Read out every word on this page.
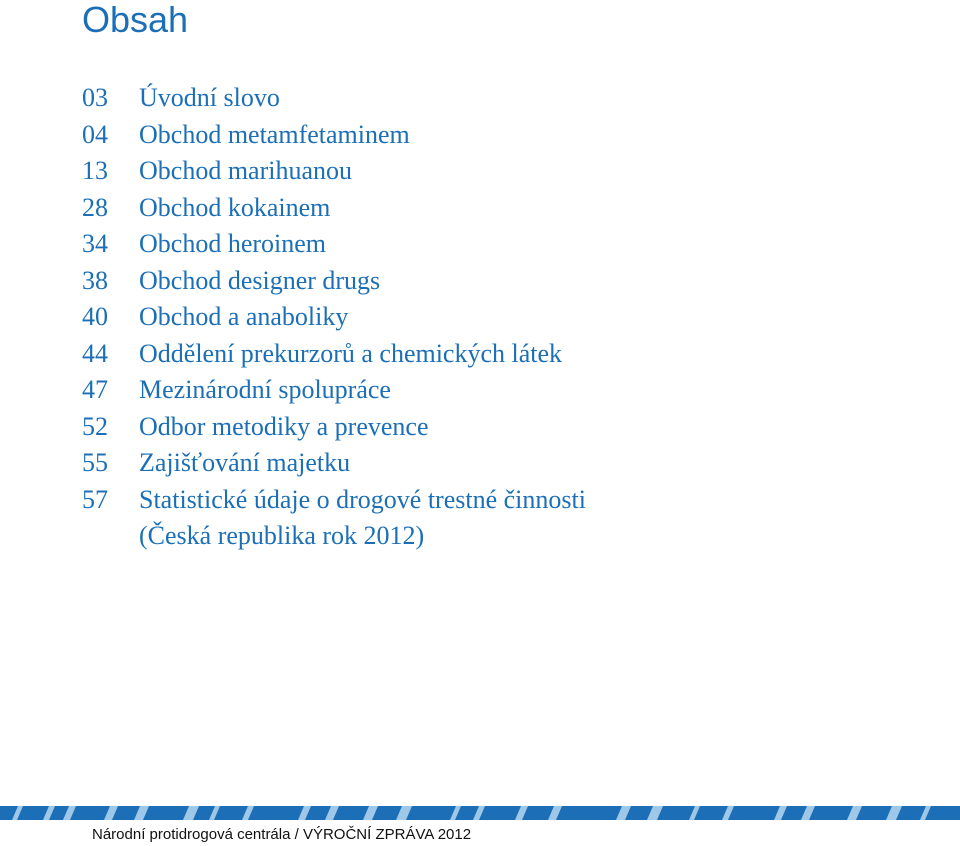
Obsah
03	Úvodní slovo
04	Obchod metamfetaminem
13	Obchod marihuanou
28	Obchod kokainem
34	Obchod heroinem
38	Obchod designer drugs
40	Obchod a anaboliky
44	Oddělení prekurzorů a chemických látek
47	Mezinárodní spolupráce
52	Odbor metodiky a prevence
55	Zajišťování majetku
57	Statistické údaje o drogové trestné činnosti
(Česká republika rok 2012)
Národní protidrogová centrála / VÝROČNÍ ZPRÁVA 2012
